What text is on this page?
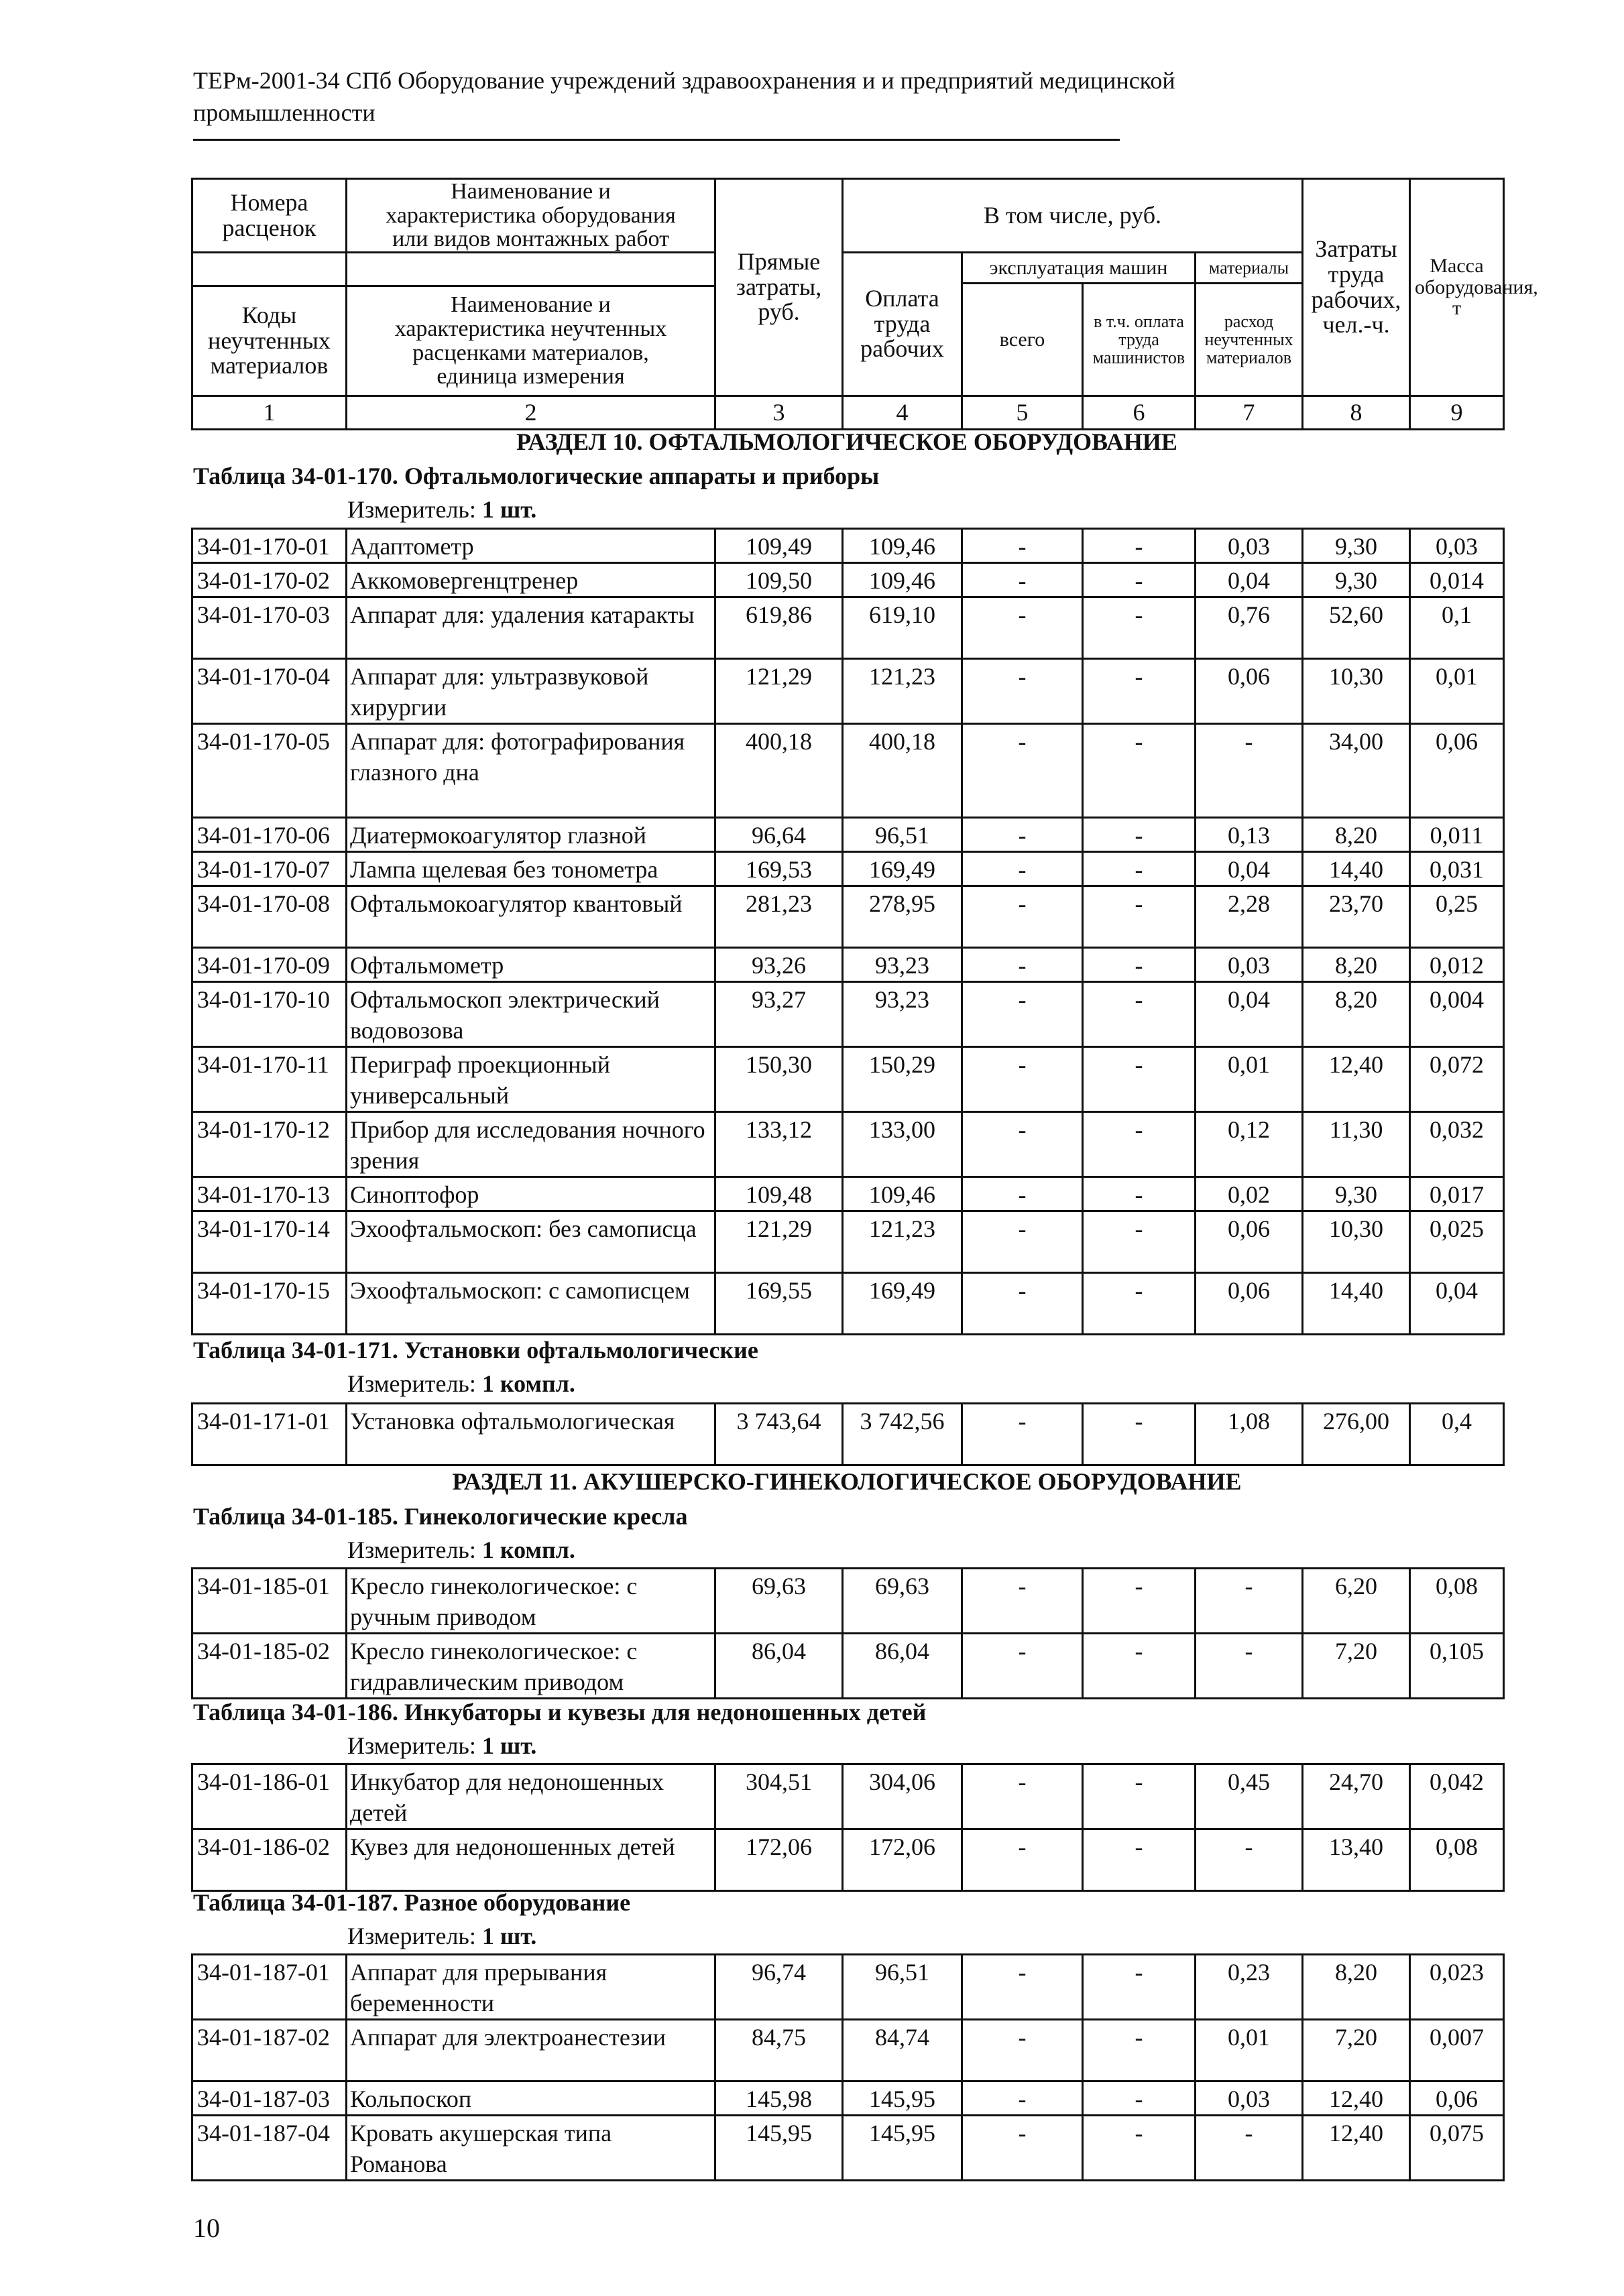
ТЕРм-2001-34 СПб Оборудование учреждений здравоохранения и и предприятий медицинской промышленности
Номера расценок	Наименование и характеристика оборудования или видов монтажных работ	Прямые затраты, руб.	В том числе, руб.				Затраты труда рабочих, чел.-ч.	Масса оборудования, т
			Оплата труда рабочих	эксплуатация машин		материалы		
				всего	в т.ч. оплата труда машинистов	расход неучтенных материалов		
Коды неучтенных материалов	Наименование и характеристика неучтенных расценками материалов, единица измерения							

1	2	3	4	5	6	7	8	9
РАЗДЕЛ 10. ОФТАЛЬМОЛОГИЧЕСКОЕ ОБОРУДОВАНИЕ
Таблица 34-01-170. Офтальмологические аппараты и приборы
Измеритель: 1 шт.
34-01-170-01	Адаптометр	109,49	109,46	-	-	0,03	9,30	0,03
34-01-170-02	Аккомовергенцтренер	109,50	109,46	-	-	0,04	9,30	0,014
34-01-170-03	Аппарат для: удаления катаракты	619,86	619,10	-	-	0,76	52,60	0,1
34-01-170-04	Аппарат для: ультразвуковой хирургии	121,29	121,23	-	-	0,06	10,30	0,01
34-01-170-05	Аппарат для: фотографирования глазного дна	400,18	400,18	-	-	-	34,00	0,06
34-01-170-06	Диатермокоагулятор глазной	96,64	96,51	-	-	0,13	8,20	0,011
34-01-170-07	Лампа щелевая без тонометра	169,53	169,49	-	-	0,04	14,40	0,031
34-01-170-08	Офтальмокоагулятор квантовый	281,23	278,95	-	-	2,28	23,70	0,25
34-01-170-09	Офтальмометр	93,26	93,23	-	-	0,03	8,20	0,012
34-01-170-10	Офтальмоскоп электрический водовозова	93,27	93,23	-	-	0,04	8,20	0,004
34-01-170-11	Периграф проекционный универсальный	150,30	150,29	-	-	0,01	12,40	0,072
34-01-170-12	Прибор для исследования ночного зрения	133,12	133,00	-	-	0,12	11,30	0,032
34-01-170-13	Синоптофор	109,48	109,46	-	-	0,02	9,30	0,017
34-01-170-14	Эхоофтальмоскоп: без самописца	121,29	121,23	-	-	0,06	10,30	0,025
34-01-170-15	Эхоофтальмоскоп: с самописцем	169,55	169,49	-	-	0,06	14,40	0,04
Таблица 34-01-171. Установки офтальмологические
Измеритель: 1 компл.
34-01-171-01	Установка офтальмологическая	3 743,64	3 742,56	-	-	1,08	276,00	0,4
РАЗДЕЛ 11. АКУШЕРСКО-ГИНЕКОЛОГИЧЕСКОЕ ОБОРУДОВАНИЕ
Таблица 34-01-185. Гинекологические кресла
Измеритель: 1 компл.
34-01-185-01	Кресло гинекологическое: с ручным приводом	69,63	69,63	-	-	-	6,20	0,08
34-01-185-02	Кресло гинекологическое: с гидравлическим приводом	86,04	86,04	-	-	-	7,20	0,105
Таблица 34-01-186. Инкубаторы и кувезы для недоношенных детей
Измеритель: 1 шт.
34-01-186-01	Инкубатор для недоношенных детей	304,51	304,06	-	-	0,45	24,70	0,042
34-01-186-02	Кувез для недоношенных детей	172,06	172,06	-	-	-	13,40	0,08
Таблица 34-01-187. Разное оборудование
Измеритель: 1 шт.
34-01-187-01	Аппарат для прерывания беременности	96,74	96,51	-	-	0,23	8,20	0,023
34-01-187-02	Аппарат для электроанестезии	84,75	84,74	-	-	0,01	7,20	0,007
34-01-187-03	Кольпоскоп	145,98	145,95	-	-	0,03	12,40	0,06
34-01-187-04	Кровать акушерская типа Романова	145,95	145,95	-	-	-	12,40	0,075
10
